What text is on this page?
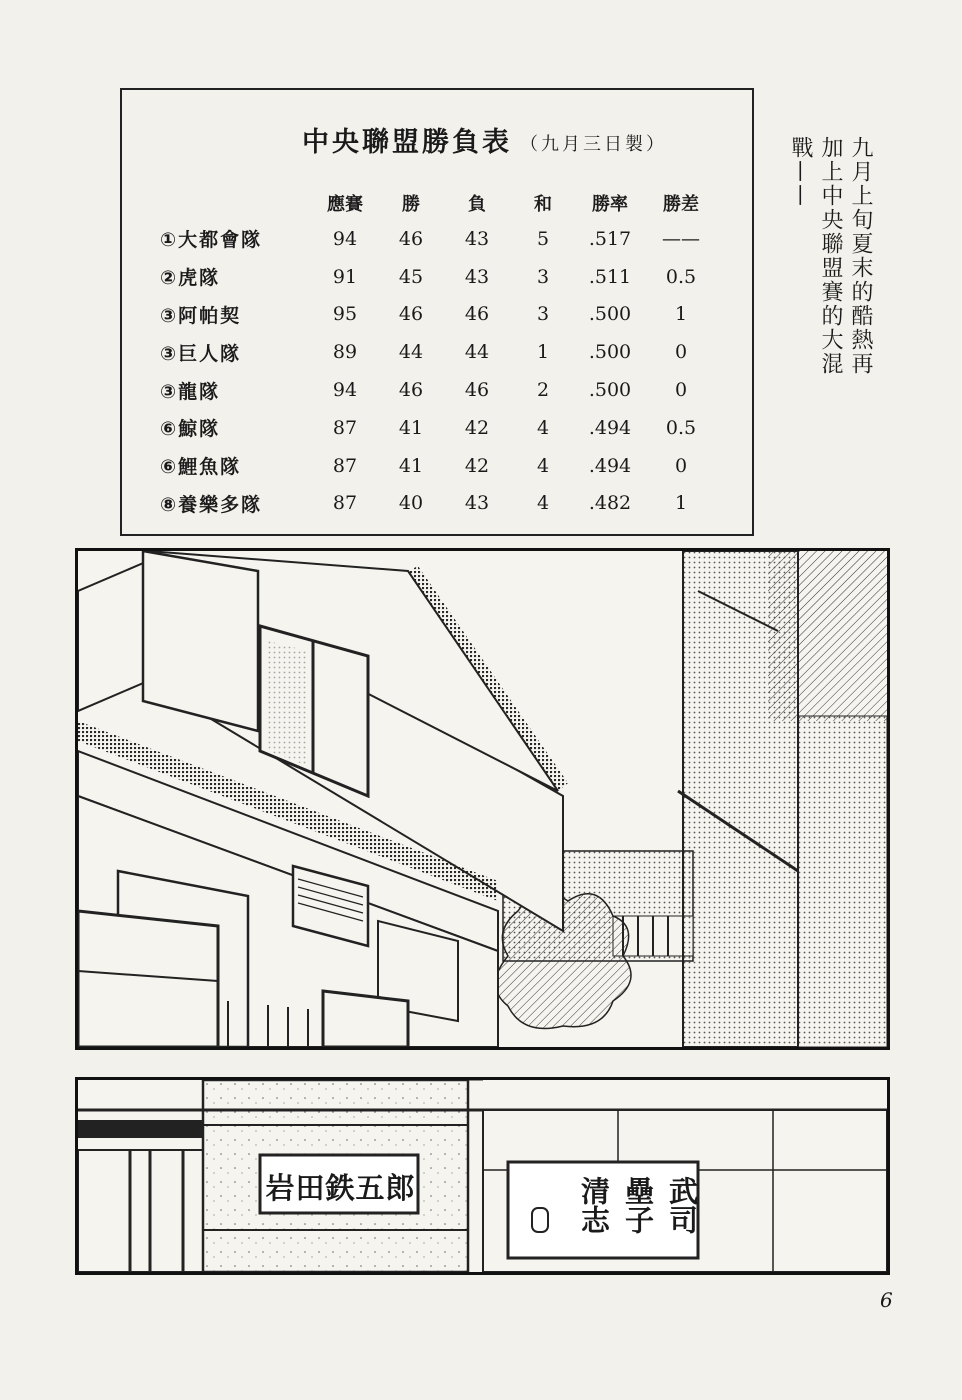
中央聯盟勝負表 （九月三日製）
	應賽	勝	負	和	勝率	勝差
①大都會隊	94	46	43	5	.517	——
②虎隊	91	45	43	3	.511	0.5
③阿帕契	95	46	46	3	.500	1
③巨人隊	89	44	44	1	.500	0
③龍隊	94	46	46	2	.500	0
⑥鯨隊	87	41	42	4	.494	0.5
⑥鯉魚隊	87	41	42	4	.494	0
⑧養樂多隊	87	40	43	4	.482	1
九月上旬夏末的酷熱再
加上中央聯盟賽的大混
戰——
岩田鉄五郎	武司
壘子
清志
6
